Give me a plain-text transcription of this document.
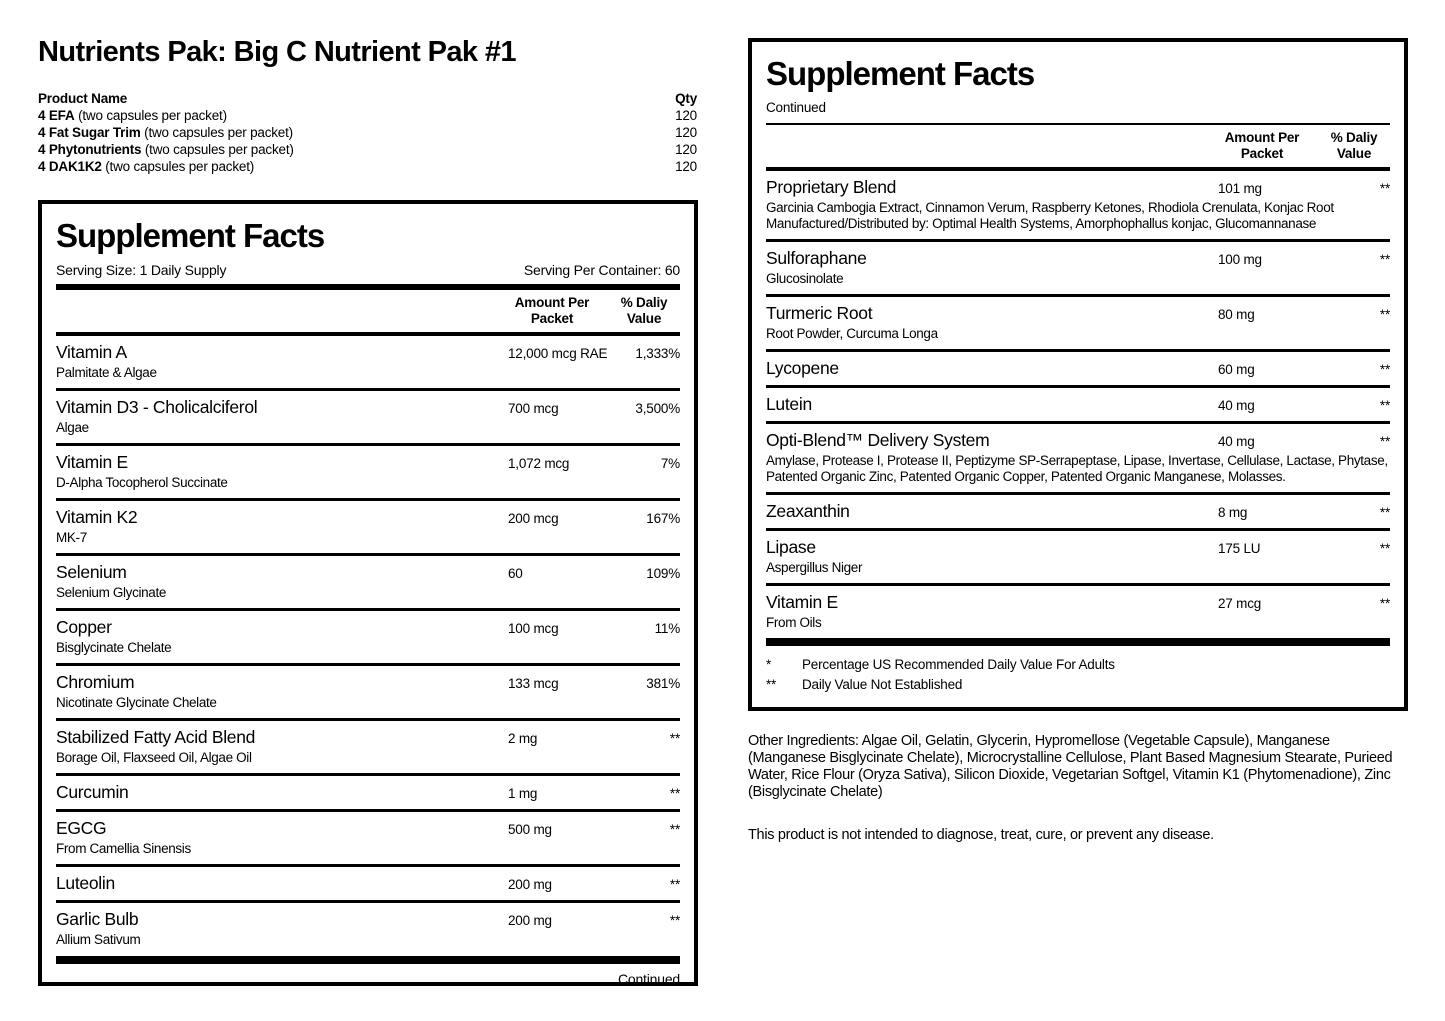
Nutrients Pak: Big C Nutrient Pak #1
Product Name	Qty
4 EFA (two capsules per packet)	120
4 Fat Sugar Trim (two capsules per packet)	120
4 Phytonutrients (two capsules per packet)	120
4 DAK1K2 (two capsules per packet)	120
Supplement Facts
Serving Size: 1 Daily Supply	Serving Per Container: 60
Amount Per Packet
% Daliy Value
Vitamin A	12,000 mcg RAE	1,333%
Palmitate & Algae
Vitamin D3 - Cholicalciferol	700 mcg	3,500%
Algae
Vitamin E	1,072 mcg	7%
D-Alpha Tocopherol Succinate
Vitamin K2	200 mcg	167%
MK-7
Selenium	60	109%
Selenium Glycinate
Copper	100 mcg	11%
Bisglycinate Chelate
Chromium	133 mcg	381%
Nicotinate Glycinate Chelate
Stabilized Fatty Acid Blend	2 mg	**
Borage Oil, Flaxseed Oil, Algae Oil
Curcumin	1 mg	**
EGCG	500 mg	**
From Camellia Sinensis
Luteolin	200 mg	**
Garlic Bulb	200 mg	**
Allium Sativum
Continued
Supplement Facts
Continued
Amount Per Packet
% Daliy Value
Proprietary Blend	101 mg	**
Garcinia Cambogia Extract, Cinnamon Verum, Raspberry Ketones, Rhodiola Crenulata, Konjac Root Manufactured/Distributed by: Optimal Health Systems, Amorphophallus konjac, Glucomannanase
Sulforaphane	100 mg	**
Glucosinolate
Turmeric Root	80 mg	**
Root Powder, Curcuma Longa
Lycopene	60 mg	**
Lutein	40 mg	**
Opti-Blend™ Delivery System	40 mg	**
Amylase, Protease I, Protease II, Peptizyme SP-Serrapeptase, Lipase, Invertase, Cellulase, Lactase, Phytase, Patented Organic Zinc, Patented Organic Copper, Patented Organic Manganese, Molasses.
Zeaxanthin	8 mg	**
Lipase	175 LU	**
Aspergillus Niger
Vitamin E	27 mcg	**
From Oils
*	Percentage US Recommended Daily Value For Adults
**	Daily Value Not Established

Other Ingredients: Algae Oil, Gelatin, Glycerin, Hypromellose (Vegetable Capsule), Manganese (Manganese Bisglycinate Chelate), Microcrystalline Cellulose, Plant Based Magnesium Stearate, Purieed Water, Rice Flour (Oryza Sativa), Silicon Dioxide, Vegetarian Softgel, Vitamin K1 (Phytomenadione), Zinc (Bisglycinate Chelate)

This product is not intended to diagnose, treat, cure, or prevent any disease.
